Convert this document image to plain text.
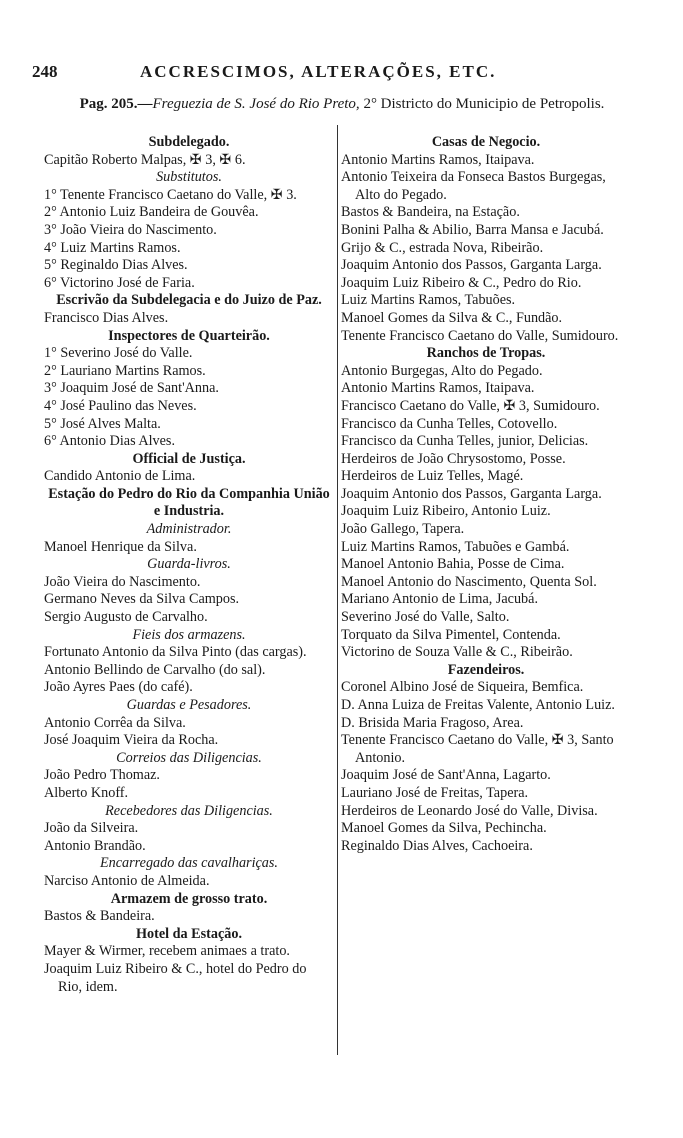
248	ACCRESCIMOS, ALTERAÇÕES, ETC.
Pag. 205.—Freguezia de S. José do Rio Preto, 2° Districto do Municipio de Petropolis.
Subdelegado.
Capitão Roberto Malpas, ✠ 3, ✠ 6.
Substitutos.
1° Tenente Francisco Caetano do Valle, ✠ 3.
2° Antonio Luiz Bandeira de Gouvêa.
3° João Vieira do Nascimento.
4° Luiz Martins Ramos.
5° Reginaldo Dias Alves.
6° Victorino José de Faria.
Escrivão da Subdelegacia e do Juizo de Paz.
Francisco Dias Alves.
Inspectores de Quarteirão.
1° Severino José do Valle.
2° Lauriano Martins Ramos.
3° Joaquim José de Sant'Anna.
4° José Paulino das Neves.
5° José Alves Malta.
6° Antonio Dias Alves.
Official de Justiça.
Candido Antonio de Lima.
Estação do Pedro do Rio da Companhia União e Industria.
Administrador.
Manoel Henrique da Silva.
Guarda-livros.
João Vieira do Nascimento.
Germano Neves da Silva Campos.
Sergio Augusto de Carvalho.
Fieis dos armazens.
Fortunato Antonio da Silva Pinto (das cargas).
Antonio Bellindo de Carvalho (do sal).
João Ayres Paes (do café).
Guardas e Pesadores.
Antonio Corrêa da Silva.
José Joaquim Vieira da Rocha.
Correios das Diligencias.
João Pedro Thomaz.
Alberto Knoff.
Recebedores das Diligencias.
João da Silveira.
Antonio Brandão.
Encarregado das cavalhariças.
Narciso Antonio de Almeida.
Armazem de grosso trato.
Bastos & Bandeira.
Hotel da Estação.
Mayer & Wirmer, recebem animaes a trato.
Joaquim Luiz Ribeiro & C., hotel do Pedro do Rio, idem.
Casas de Negocio.
Antonio Martins Ramos, Itaipava.
Antonio Teixeira da Fonseca Bastos Burgegas, Alto do Pegado.
Bastos & Bandeira, na Estação.
Bonini Palha & Abilio, Barra Mansa e Jacubá.
Grijo & C., estrada Nova, Ribeirão.
Joaquim Antonio dos Passos, Garganta Larga.
Joaquim Luiz Ribeiro & C., Pedro do Rio.
Luiz Martins Ramos, Tabuões.
Manoel Gomes da Silva & C., Fundão.
Tenente Francisco Caetano do Valle, Sumidouro.
Ranchos de Tropas.
Antonio Burgegas, Alto do Pegado.
Antonio Martins Ramos, Itaipava.
Francisco Caetano do Valle, ✠ 3, Sumidouro.
Francisco da Cunha Telles, Cotovello.
Francisco da Cunha Telles, junior, Delicias.
Herdeiros de João Chrysostomo, Posse.
Herdeiros de Luiz Telles, Magé.
Joaquim Antonio dos Passos, Garganta Larga.
Joaquim Luiz Ribeiro, Antonio Luiz.
João Gallego, Tapera.
Luiz Martins Ramos, Tabuões e Gambá.
Manoel Antonio Bahia, Posse de Cima.
Manoel Antonio do Nascimento, Quenta Sol.
Mariano Antonio de Lima, Jacubá.
Severino José do Valle, Salto.
Torquato da Silva Pimentel, Contenda.
Victorino de Souza Valle & C., Ribeirão.
Fazendeiros.
Coronel Albino José de Siqueira, Bemfica.
D. Anna Luiza de Freitas Valente, Antonio Luiz.
D. Brisida Maria Fragoso, Area.
Tenente Francisco Caetano do Valle, ✠ 3, Santo Antonio.
Joaquim José de Sant'Anna, Lagarto.
Lauriano José de Freitas, Tapera.
Herdeiros de Leonardo José do Valle, Divisa.
Manoel Gomes da Silva, Pechincha.
Reginaldo Dias Alves, Cachoeira.
